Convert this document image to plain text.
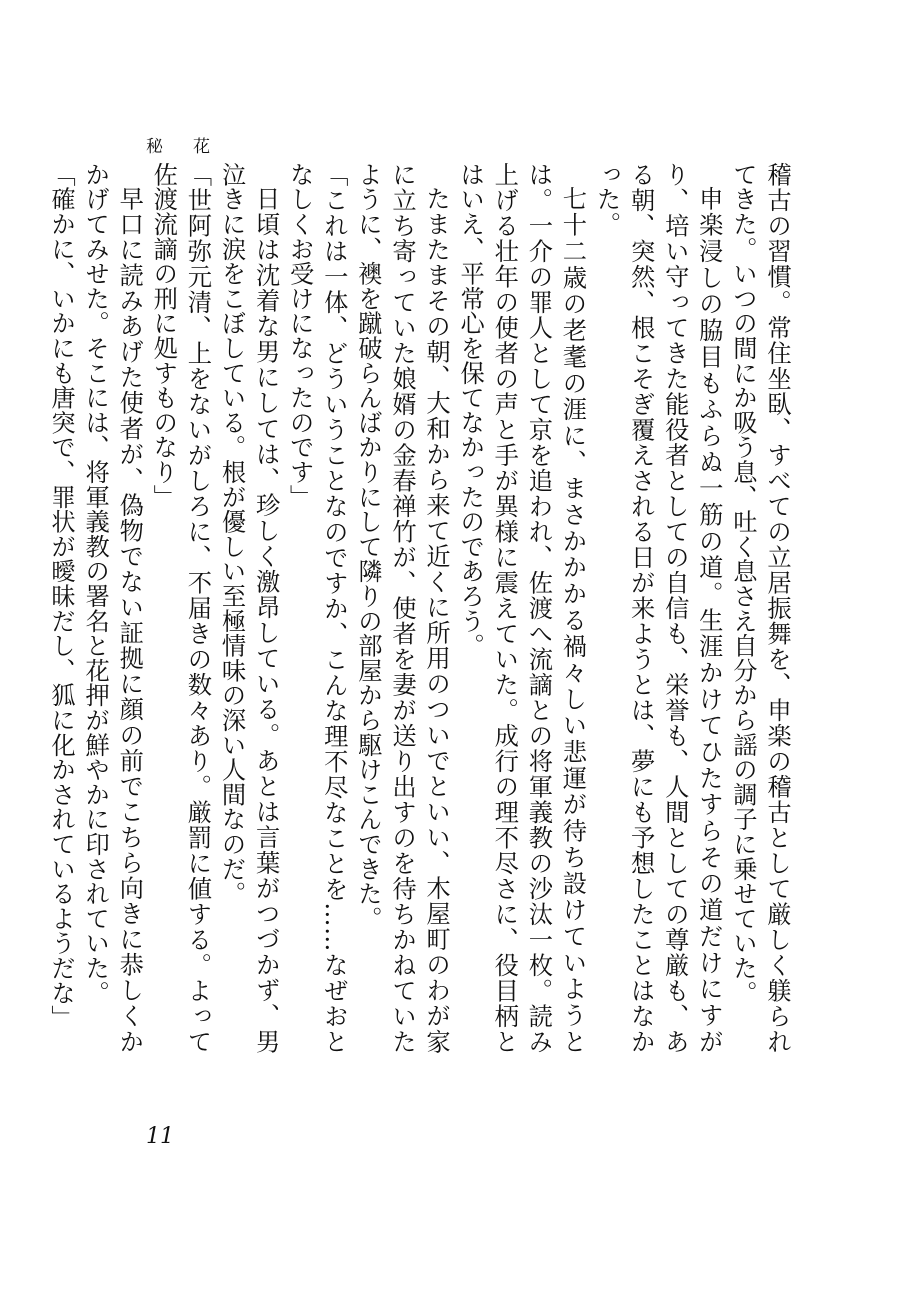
秘花

稽古の習慣。常住坐臥、すべての立居振舞を、申楽の稽古として厳しく躾られてきた。いつの間にか吸う息、吐く息さえ自分から謡の調子に乗せていた。

申楽浸しの脇目もふらぬ一筋の道。生涯かけてひたすらその道だけにすがり、培い守ってきた能役者としての自信も、栄誉も、人間としての尊厳も、ある朝、突然、根こそぎ覆えされる日が来ようとは、夢にも予想したことはなかった。

七十二歳の老耄の涯に、まさかかかる禍々しい悲運が待ち設けていようとは。一介の罪人として京を追われ、佐渡へ流謫との将軍義教の沙汰一枚。読み上げる壮年の使者の声と手が異様に震えていた。成行の理不尽さに、役目柄とはいえ、平常心を保てなかったのであろう。

たまたまその朝、大和から来て近くに所用のついでといい、木屋町のわが家に立ち寄っていた娘婿の金春禅竹が、使者を妻が送り出すのを待ちかねていたように、襖を蹴破らんばかりにして隣りの部屋から駆けこんできた。

「これは一体、どういうことなのですか、こんな理不尽なことを……なぜおとなしくお受けになったのです」

日頃は沈着な男にしては、珍しく激昂している。あとは言葉がつづかず、男泣きに涙をこぼしている。根が優しい至極情味の深い人間なのだ。

「世阿弥元清、上をないがしろに、不届きの数々あり。厳罰に値する。よって佐渡流謫の刑に処すものなり」

早口に読みあげた使者が、偽物でない証拠に顔の前でこちら向きに恭しくかかげてみせた。そこには、将軍義教の署名と花押が鮮やかに印されていた。

「確かに、いかにも唐突で、罪状が曖昧だし、狐に化かされているようだな」

11
